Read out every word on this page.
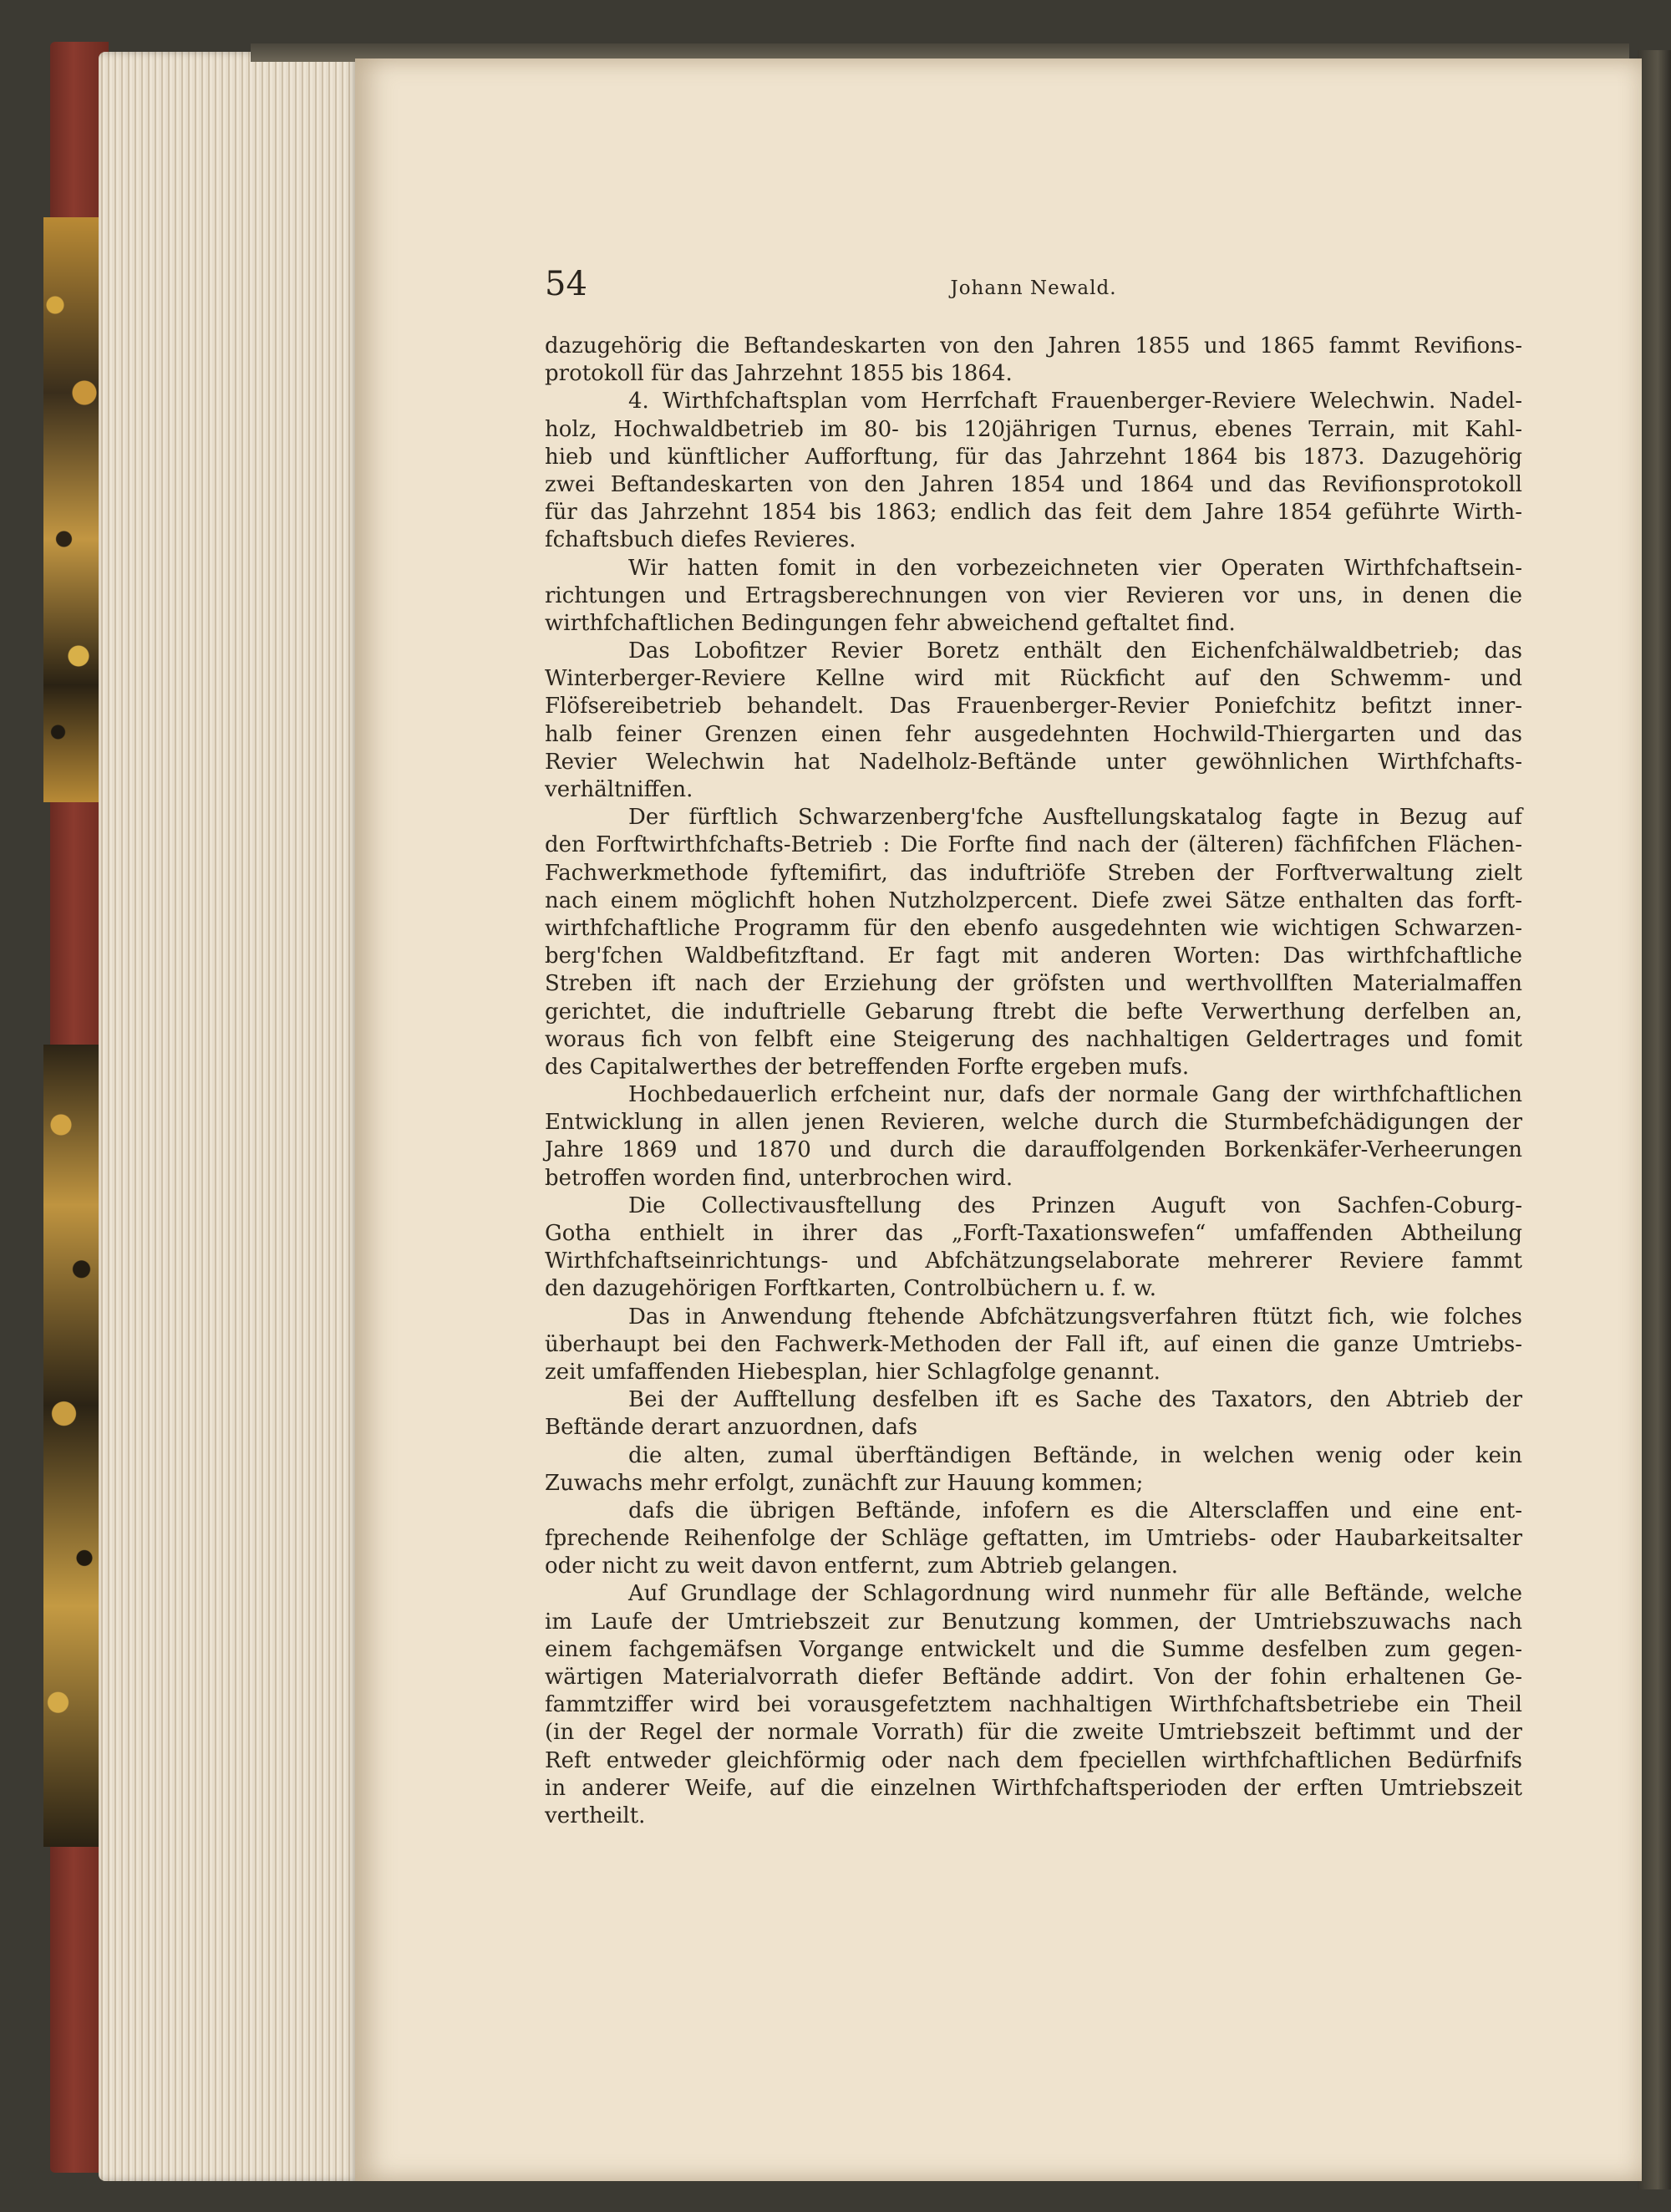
54	Johann Newald.
dazugehörig die Beftandeskarten von den Jahren 1855 und 1865 fammt Revifions-
protokoll für das Jahrzehnt 1855 bis 1864.
4. Wirthfchaftsplan vom Herrfchaft Frauenberger-Reviere Welechwin. Nadel-
holz, Hochwaldbetrieb im 80- bis 120jährigen Turnus, ebenes Terrain, mit Kahl-
hieb und künftlicher Aufforftung, für das Jahrzehnt 1864 bis 1873. Dazugehörig
zwei Beftandeskarten von den Jahren 1854 und 1864 und das Revifionsprotokoll
für das Jahrzehnt 1854 bis 1863; endlich das feit dem Jahre 1854 geführte Wirth-
fchaftsbuch diefes Revieres.
Wir hatten fomit in den vorbezeichneten vier Operaten Wirthfchaftsein-
richtungen und Ertragsberechnungen von vier Revieren vor uns, in denen die
wirthfchaftlichen Bedingungen fehr abweichend geftaltet find.
Das Lobofitzer Revier Boretz enthält den Eichenfchälwaldbetrieb; das
Winterberger-Reviere Kellne wird mit Rückficht auf den Schwemm- und
Flöfsereibetrieb behandelt. Das Frauenberger-Revier Poniefchitz befitzt inner-
halb feiner Grenzen einen fehr ausgedehnten Hochwild-Thiergarten und das
Revier Welechwin hat Nadelholz-Beftände unter gewöhnlichen Wirthfchafts-
verhältniffen.
Der fürftlich Schwarzenberg'fche Ausftellungskatalog fagte in Bezug auf
den Forftwirthfchafts-Betrieb : Die Forfte find nach der (älteren) fächfifchen Flächen-
Fachwerkmethode fyftemifirt, das induftriöfe Streben der Forftverwaltung zielt
nach einem möglichft hohen Nutzholzpercent. Diefe zwei Sätze enthalten das forft-
wirthfchaftliche Programm für den ebenfo ausgedehnten wie wichtigen Schwarzen-
berg'fchen Waldbefitzftand. Er fagt mit anderen Worten: Das wirthfchaftliche
Streben ift nach der Erziehung der gröfsten und werthvollften Materialmaffen
gerichtet, die induftrielle Gebarung ftrebt die befte Verwerthung derfelben an,
woraus fich von felbft eine Steigerung des nachhaltigen Geldertrages und fomit
des Capitalwerthes der betreffenden Forfte ergeben mufs.
Hochbedauerlich erfcheint nur, dafs der normale Gang der wirthfchaftlichen
Entwicklung in allen jenen Revieren, welche durch die Sturmbefchädigungen der
Jahre 1869 und 1870 und durch die darauffolgenden Borkenkäfer-Verheerungen
betroffen worden find, unterbrochen wird.
Die Collectivausftellung des Prinzen Auguft von Sachfen-Coburg-
Gotha enthielt in ihrer das „Forft-Taxationswefen“ umfaffenden Abtheilung
Wirthfchaftseinrichtungs- und Abfchätzungselaborate mehrerer Reviere fammt
den dazugehörigen Forftkarten, Controlbüchern u. f. w.
Das in Anwendung ftehende Abfchätzungsverfahren ftützt fich, wie folches
überhaupt bei den Fachwerk-Methoden der Fall ift, auf einen die ganze Umtriebs-
zeit umfaffenden Hiebesplan, hier Schlagfolge genannt.
Bei der Aufftellung desfelben ift es Sache des Taxators, den Abtrieb der
Beftände derart anzuordnen, dafs
die alten, zumal überftändigen Beftände, in welchen wenig oder kein
Zuwachs mehr erfolgt, zunächft zur Hauung kommen;
dafs die übrigen Beftände, infofern es die Altersclaffen und eine ent-
fprechende Reihenfolge der Schläge geftatten, im Umtriebs- oder Haubarkeitsalter
oder nicht zu weit davon entfernt, zum Abtrieb gelangen.
Auf Grundlage der Schlagordnung wird nunmehr für alle Beftände, welche
im Laufe der Umtriebszeit zur Benutzung kommen, der Umtriebszuwachs nach
einem fachgemäfsen Vorgange entwickelt und die Summe desfelben zum gegen-
wärtigen Materialvorrath diefer Beftände addirt. Von der fohin erhaltenen Ge-
fammtziffer wird bei vorausgefetztem nachhaltigen Wirthfchaftsbetriebe ein Theil
(in der Regel der normale Vorrath) für die zweite Umtriebszeit beftimmt und der
Reft entweder gleichförmig oder nach dem fpeciellen wirthfchaftlichen Bedürfnifs
in anderer Weife, auf die einzelnen Wirthfchaftsperioden der erften Umtriebszeit
vertheilt.
